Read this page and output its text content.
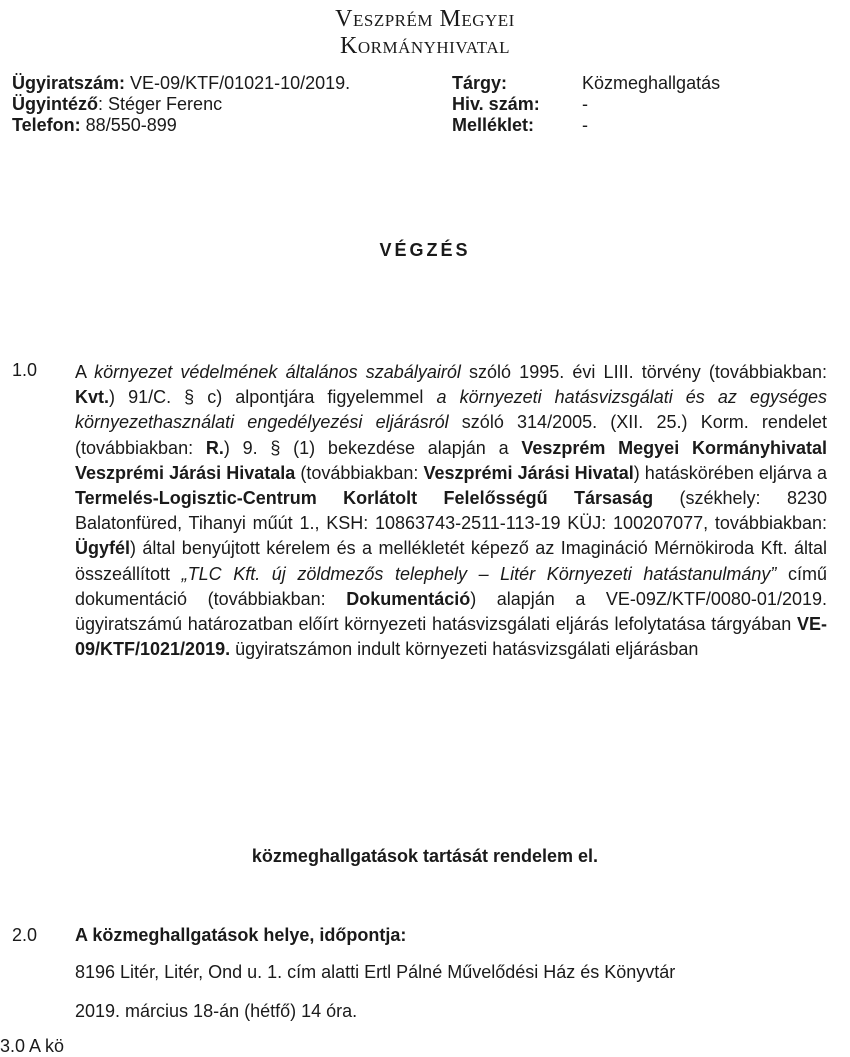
Veszprém Megyei
Kormányhivatal
Ügyiratszám: VE-09/KTF/01021-10/2019.
Ügyintéző: Stéger Ferenc
Telefon: 88/550-899
Tárgy:	Közmeghallgatás
Hiv. szám:	-
Melléklet:	-
VÉGZÉS
1.0 A környezet védelmének általános szabályairól szóló 1995. évi LIII. törvény (továbbiakban: Kvt.) 91/C. § c) alpontjára figyelemmel a környezeti hatásvizsgálati és az egységes környezethasználati engedélyezési eljárásról szóló 314/2005. (XII. 25.) Korm. rendelet (továbbiakban: R.) 9. § (1) bekezdése alapján a Veszprém Megyei Kormányhivatal Veszprémi Járási Hivatala (továbbiakban: Veszprémi Járási Hivatal) hatáskörében eljárva a Termelés-Logisztic-Centrum Korlátolt Felelősségű Társaság (székhely: 8230 Balatonfüred, Tihanyi műút 1., KSH: 10863743-2511-113-19 KÜJ: 100207077, továbbiakban: Ügyfél) által benyújtott kérelem és a mellékletét képező az Imagináció Mérnökiroda Kft. által összeállított „TLC Kft. új zöldmezős telephely – Litér Környezeti hatástanulmány” című dokumentáció (továbbiakban: Dokumentáció) alapján a VE-09Z/KTF/0080-01/2019. ügyiratszámú határozatban előírt környezeti hatásvizsgálati eljárás lefolytatása tárgyában VE-09/KTF/1021/2019. ügyiratszámon indult környezeti hatásvizsgálati eljárásban
közmeghallgatások tartását rendelem el.
2.0 A közmeghallgatások helye, időpontja:
8196 Litér, Litér, Ond u. 1. cím alatti Ertl Pálné Művelődési Ház és Könyvtár
2019. március 18-án (hétfő) 14 óra.
3.0 A kö
